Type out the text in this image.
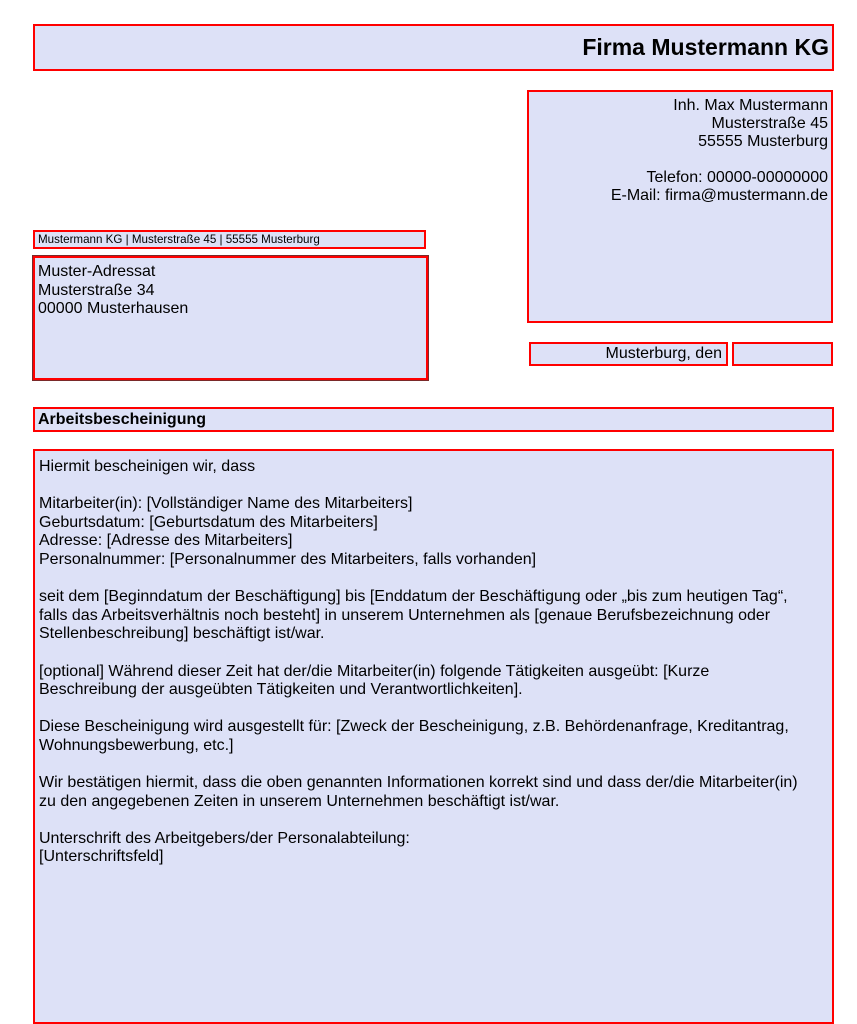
Firma Mustermann KG
Inh. Max Mustermann
Musterstraße 45
55555 Musterburg
Telefon: 00000-00000000
E-Mail: firma@mustermann.de
Mustermann KG | Musterstraße 45 | 55555 Musterburg
Muster-Adressat
Musterstraße 34
00000 Musterhausen
Musterburg, den
Arbeitsbescheinigung
Hiermit bescheinigen wir, dass
Mitarbeiter(in): [Vollständiger Name des Mitarbeiters]
Geburtsdatum: [Geburtsdatum des Mitarbeiters]
Adresse: [Adresse des Mitarbeiters]
Personalnummer: [Personalnummer des Mitarbeiters, falls vorhanden]
seit dem [Beginndatum der Beschäftigung] bis [Enddatum der Beschäftigung oder „bis zum heutigen Tag“,
falls das Arbeitsverhältnis noch besteht] in unserem Unternehmen als [genaue Berufsbezeichnung oder
Stellenbeschreibung] beschäftigt ist/war.
[optional] Während dieser Zeit hat der/die Mitarbeiter(in) folgende Tätigkeiten ausgeübt: [Kurze
Beschreibung der ausgeübten Tätigkeiten und Verantwortlichkeiten].
Diese Bescheinigung wird ausgestellt für: [Zweck der Bescheinigung, z.B. Behördenanfrage, Kreditantrag,
Wohnungsbewerbung, etc.]
Wir bestätigen hiermit, dass die oben genannten Informationen korrekt sind und dass der/die Mitarbeiter(in)
zu den angegebenen Zeiten in unserem Unternehmen beschäftigt ist/war.
Unterschrift des Arbeitgebers/der Personalabteilung:
[Unterschriftsfeld]
